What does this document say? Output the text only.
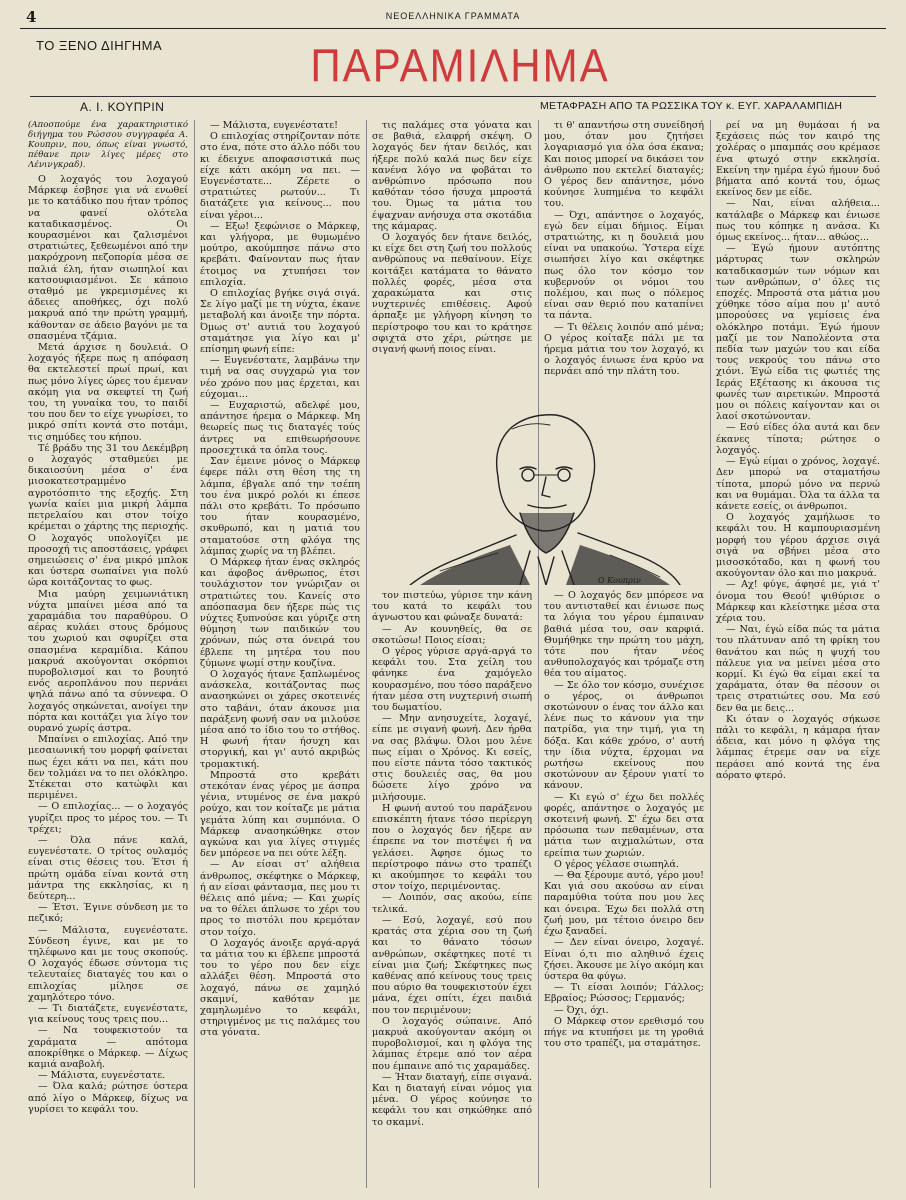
4	ΝΕΟΕΛΛΗΝΙΚΑ ΓΡΑΜΜΑΤΑ
ΤΟ ΞΕΝΟ ΔΙΗΓΗΜΑ	ΠΑΡΑΜΙΛΗΜΑ
Α. Ι. ΚΟΥΠΡΙΝ	ΜΕΤΑΦΡΑΣΗ ΑΠΟ ΤΑ ΡΩΣΣΙΚΑ ΤΟΥ κ. ΕΥΓ. ΧΑΡΑΛΑΜΠΙΔΗ

(Αποσπούμε ένα χαρακτηριστικό διήγημα του Ρώσσου συγγραφέα Α. Κουπριν, που, όπως είναι γνωστό, πέθανε πριν λίγες μέρες στο Λένινγκραδ).

Ο λοχαγός του λοχαγού Μάρκεφ έσβησε για νά ενωθεί με το κατάδικο που ήταν τρόπος να φανεί ολότελα καταδικασμένος. Οι κουρασμένοι και ζαλισμένοι στρατιώτες, ξεθεωμένοι από την μακρόχρονη πεζοπορία μέσα σε παλιά έλη, ήταν σιωπηλοί και κατσουφιασμένοι. Σε κάποιο σταθμό με γκρεμισμένες κι άδειες αποθήκες, όχι πολύ μακρυά από την πρώτη γραμμή, κάθονταν σε άδειο βαγόνι με τα σπασμένα τζάμια.

Μετά άρχισε η δουλειά. Ο λοχαγός ήξερε πως η απόφαση θα εκτελεστεί πρωί πρωί, και πως μόνο λίγες ώρες του έμεναν ακόμη για να σκεφτεί τη ζωή του, τη γυναίκα του, το παιδί του που δεν το είχε γνωρίσει, το μικρό σπίτι κοντά στο ποτάμι, τις σημύδες του κήπου.

Τέ βράδυ της 31 του Δεκέμβρη ο λοχαγός σταθμεύει με δικαιοσύνη μέσα σ' ένα μισοκατεστραμμένο αγροτόσπιτο της εξοχής. Στη γωνία καίει μια μικρή λάμπα πετρελαίου και στον τοίχο κρέμεται ο χάρτης της περιοχής. Ο λοχαγός υπολογίζει με προσοχή τις αποστάσεις, γράφει σημειώσεις σ' ένα μικρό μπλοκ και ύστερα σωπαίνει για πολύ ώρα κοιτάζοντας το φως.

Μια μαύρη χειμωνιάτικη νύχτα μπαίνει μέσα από τα χαραμάδια του παραθύρου. Ο αέρας κυλάει στους δρόμους του χωριού και σφυρίζει στα σπασμένα κεραμίδια. Κάπου μακρυά ακούγονται σκόρπιοι πυροβολισμοί και το βουητό ενός αεροπλάνου που περνάει ψηλά πάνω από τα σύννεφα. Ο λοχαγός σηκώνεται, ανοίγει την πόρτα και κοιτάζει για λίγο τον ουρανό χωρίς άστρα.

Μπαίνει ο επιλοχίας. Από την μεσαιωνική του μορφή φαίνεται πως έχει κάτι να πει, κάτι που δεν τολμάει να το πει ολόκληρο. Στέκεται στο κατώφλι και περιμένει.

— Ο επιλοχίας... — ο λοχαγός γυρίζει προς το μέρος του. — Τι τρέχει;

— Όλα πάνε καλά, ευγενέστατε. Ο τρίτος ουλαμός είναι στις θέσεις του. Έτσι ή πρώτη ομάδα είναι κοντά στη μάντρα της εκκλησίας, κι η δεύτερη...

— Έτσι. Έγινε σύνδεση με το πεζικό;

— Μάλιστα, ευγενέστατε. Σύνδεση έγινε, και με το τηλέφωνο και με τους σκοπούς. Ο λοχαγός έδωσε σύντομα τις τελευταίες διαταγές του και ο επιλοχίας μίλησε σε χαμηλότερο τόνο.

— Τι διατάζετε, ευγενέστατε, για κείνους τους τρεις που...

— Να τουφεκιστούν τα χαράματα — απότομα αποκρίθηκε ο Μάρκεφ. — Δίχως καμιά αναβολή.

— Μάλιστα, ευγενέστατε.

— Όλα καλά; ρώτησε ύστερα από λίγο ο Μάρκεφ, δίχως να γυρίσει το κεφάλι του.

— Μάλιστα, ευγενέστατε!

Ο επιλοχίας στηρίζονταν πότε στο ένα, πότε στο άλλο πόδι του κι έδειχνε αποφασιστικά πως είχε κάτι ακόμη να πει. — Ευγενέστατε... Ζέρετε ο στρατιώτες ρωτούν... Τι διατάζετε για κείνους... που είναι γέροι...

— Εξω! ξεφώνισε ο Μάρκεφ, και γλήγορα, με θυμωμένο μούτρο, ακούμπησε πάνω στο κρεβάτι. Φαίνονταν πως ήταν έτοιμος να χτυπήσει τον επιλοχία.

Ο επιλοχίας βγήκε σιγά σιγά. Σε λίγο μαζί με τη νύχτα, έκανε μεταβολή και άνοιξε την πόρτα. Όμως στ' αυτιά του λοχαγού σταμάτησε για λίγο και μ' επίσημη φωνή είπε:

— Ευγενέστατε, λαμβάνω την τιμή να σας συγχαρώ για τον νέο χρόνο που μας έρχεται, και εύχομαι...

— Ευχαριστώ, αδελφέ μου, απάντησε ήρεμα ο Μάρκεφ. Μη θεωρείς πως τις διαταγές τούς άντρες να επιθεωρήσουνε προσεχτικά τα όπλα τους.

Σαν έμεινε μόνος ο Μάρκεφ έφερε πάλι στη θέση της τη λάμπα, έβγαλε από την τσέπη του ένα μικρό ρολόι κι έπεσε πάλι στο κρεβάτι. Το πρόσωπο του ήταν κουρασμένο, σκυθρωπό, και η ματιά του σταματούσε στη φλόγα της λάμπας χωρίς να τη βλέπει.

Ο Μάρκεφ ήταν ένας σκληρός και άφοβος άνθρωπος, έτσι τουλάχιστον τον γνώριζαν οι στρατιώτες του. Κανείς στο απόσπασμα δεν ήξερε πώς τις νύχτες ξυπνούσε και γύριζε στη θύμηση των παιδικών του χρόνων, πώς στα όνειρά του έβλεπε τη μητέρα του που ζύμωνε ψωμί στην κουζίνα.

Ο λοχαγός ήτανε ξαπλωμένος ανάσκελα, κοιτάζοντας πως ανασηκώνει οι χάρες σκοτεινές στο ταβάνι, όταν άκουσε μια παράξενη φωνή σαν να μιλούσε μέσα από το ίδιο του το στήθος. Η φωνή ήταν ήσυχη και στοργική, και γι' αυτό ακριβώς τρομακτική.

Μπροστά στο κρεβάτι στεκόταν ένας γέρος με άσπρα γένια, ντυμένος σε ένα μακρύ ρούχο, και τον κοίταζε με μάτια γεμάτα λύπη και συμπόνια. Ο Μάρκεφ ανασηκώθηκε στον αγκώνα και για λίγες στιγμές δεν μπόρεσε να πει ούτε λέξη.

— Αν είσαι στ' αλήθεια άνθρωπος, σκέφτηκε ο Μάρκεφ, ή αν είσαι φάντασμα, πες μου τι θέλεις από μένα; — Και χωρίς να το θέλει άπλωσε το χέρι του προς το πιστόλι που κρεμόταν στον τοίχο.

Ο λοχαγός άνοιξε αργά-αργά τα μάτια του κι έβλεπε μπροστά του το γέρο που δεν είχε αλλάξει θέση. Μπροστά στο λοχαγό, πάνω σε χαμηλό σκαμνί, καθόταν με χαμηλωμένο το κεφάλι, στηριγμένος με τις παλάμες του στα γόνατα.

τις παλάμες στα γόνατα και σε βαθιά, ελαφρή σκέψη. Ο λοχαγός δεν ήταν δειλός, και ήξερε πολύ καλά πως δεν είχε κανένα λόγο να φοβάται το ανθρώπινο πρόσωπο που καθόταν τόσο ήσυχα μπροστά του. Όμως τα μάτια του έψαχναν ανήσυχα στα σκοτάδια της κάμαρας.

Ο λοχαγός δεν ήτανε δειλός, κι είχε δει στη ζωή του πολλούς ανθρώπους να πεθαίνουν. Είχε κοιτάξει κατάματα το θάνατο πολλές φορές, μέσα στα χαρακώματα και στις νυχτερινές επιθέσεις. Αφού άρπαξε με γλήγορη κίνηση το περίστροφο του και το κράτησε σφιχτά στο χέρι, ρώτησε με σιγανή φωνή ποιος είναι.

τι θ' απαντήσω στη συνείδησή μου, όταν μου ζητήσει λογαριασμό για όλα όσα έκανα; Και ποιος μπορεί να δικάσει τον άνθρωπο που εκτελεί διαταγές; Ο γέρος δεν απάντησε, μόνο κούνησε λυπημένα το κεφάλι του.

— Όχι, απάντησε ο λοχαγός, εγώ δεν είμαι δήμιος. Είμαι στρατιώτης, κι η δουλειά μου είναι να υπακούω. Ύστερα είχε σιωπήσει λίγο και σκέφτηκε πως όλο τον κόσμο τον κυβερνούν οι νόμοι του πολέμου, και πως ο πόλεμος είναι σαν θεριό που καταπίνει τα πάντα.

— Τι θέλεις λοιπόν από μένα; Ο γέρος κοίταξε πάλι με τα ήρεμα μάτια του τον λοχαγό, κι ο λοχαγός ένιωσε ένα κρύο να περνάει από την πλάτη του.

Ο Κουπριν

τον πιστεύω, γύρισε την κάνη του κατά το κεφάλι του άγνωστου και φώναξε δυνατά:

— Αν κουνηθείς, θα σε σκοτώσω! Ποιος είσαι;

Ο γέρος γύρισε αργά-αργά το κεφάλι του. Στα χείλη του φάνηκε ένα χαμόγελο κουρασμένο, που τόσο παράξενο ήταν μέσα στη νυχτερινή σιωπή του δωματίου.

— Μην ανησυχείτε, λοχαγέ, είπε με σιγανή φωνή. Δεν ήρθα να σας βλάψω. Όλοι μου λένε πως είμαι ο Χρόνος. Κι εσείς, που είστε πάντα τόσο τακτικός στις δουλειές σας, θα μου δώσετε λίγο χρόνο να μιλήσουμε.

Η φωνή αυτού του παράξενου επισκέπτη ήτανε τόσο περίεργη που ο λοχαγός δεν ήξερε αν έπρεπε να τον πιστέψει ή να γελάσει. Άφησε όμως το περίστροφο πάνω στο τραπέζι κι ακούμπησε το κεφάλι του στον τοίχο, περιμένοντας.

— Λοιπόν, σας ακούω, είπε τελικά.

— Εσύ, λοχαγέ, εσύ που κρατάς στα χέρια σου τη ζωή και το θάνατο τόσων ανθρώπων, σκέφτηκες ποτέ τι είναι μια ζωή; Σκέφτηκες πως καθένας από κείνους τους τρεις που αύριο θα τουφεκιστούν έχει μάνα, έχει σπίτι, έχει παιδιά που τον περιμένουν;

Ο λοχαγός σώπαινε. Από μακρυά ακούγονταν ακόμη οι πυροβολισμοί, και η φλόγα της λάμπας έτρεμε από τον αέρα που έμπαινε από τις χαραμάδες.

— Ήταν διαταγή, είπε σιγανά. Και η διαταγή είναι νόμος για μένα. Ο γέρος κούνησε το κεφάλι του και σηκώθηκε από το σκαμνί.

— Ο λοχαγός δεν μπόρεσε να του αντισταθεί και ένιωσε πως τα λόγια του γέρου έμπαιναν βαθιά μέσα του, σαν καρφιά. Θυμήθηκε την πρώτη του μάχη, τότε που ήταν νέος ανθυπολοχαγός και τρόμαζε στη θέα του αίματος.

— Σε όλο τον κόσμο, συνέχισε ο γέρος, οι άνθρωποι σκοτώνουν ο ένας τον άλλο και λένε πως το κάνουν για την πατρίδα, για την τιμή, για τη δόξα. Και κάθε χρόνο, σ' αυτή την ίδια νύχτα, έρχομαι να ρωτήσω εκείνους που σκοτώνουν αν ξέρουν γιατί το κάνουν.

— Κι εγώ σ' έχω δει πολλές φορές, απάντησε ο λοχαγός με σκοτεινή φωνή. Σ' έχω δει στα πρόσωπα των πεθαμένων, στα μάτια των αιχμαλώτων, στα ερείπια των χωριών.

Ο γέρος γέλασε σιωπηλά.

— Θα ξέρουμε αυτό, γέρο μου! Και γιά σου ακούσω αν είναι παραμύθια τούτα που μου λες και όνειρα. Έχω δει πολλά στη ζωή μου, μα τέτοιο όνειρο δεν έχω ξαναδεί.

— Δεν είναι όνειρο, λοχαγέ. Είναι ό,τι πιο αληθινό έχεις ζήσει. Άκουσε με λίγο ακόμη και ύστερα θα φύγω.

— Τι είσαι λοιπόν; Γάλλος; Εβραίος; Ρώσσος; Γερμανός;

— Όχι, όχι.

Ο Μάρκεφ στον ερεθισμό του πήγε να κτυπήσει με τη γροθιά του στο τραπέζι, μα σταμάτησε.

ρεί να μη θυμάσαι ή να ξεχάσεις πώς τον καιρό της χολέρας ο μπαμπάς σου κρέμασε ένα φτωχό στην εκκλησία. Εκείνη την ημέρα έγώ ήμουν δυό βήματα από κοντά του, όμως εκείνος δεν με είδε.

— Ναι, είναι αλήθεια... κατάλαβε ο Μάρκεφ και ένιωσε πως του κόπηκε η ανάσα. Κι όμως εκείνος... ήταν... αθώος...

— Έγώ ήμουν αυτόπτης μάρτυρας των σκληρών καταδικασμών των νόμων και των ανθρώπων, σ' όλες τις εποχές. Μπροστά στα μάτια μου χύθηκε τόσο αίμα που μ' αυτό μπορούσες να γεμίσεις ένα ολόκληρο ποτάμι. Έγώ ήμουν μαζί με τον Ναπολέοντα στα πεδία των μαχών του και είδα τους νεκρούς του πάνω στο χιόνι. Έγώ είδα τις φωτιές της Ιεράς Εξέτασης κι άκουσα τις φωνές των αιρετικών. Μπροστά μου οι πόλεις καίγονταν και οι λαοί σκοτώνονταν.

— Εσύ είδες όλα αυτά και δεν έκανες τίποτα; ρώτησε ο λοχαγός.

— Εγώ είμαι ο χρόνος, λοχαγέ. Δεν μπορώ να σταματήσω τίποτα, μπορώ μόνο να περνώ και να θυμάμαι. Όλα τα άλλα τα κάνετε εσείς, οι άνθρωποι.

Ο λοχαγός χαμήλωσε το κεφάλι του. Η καμπουριασμένη μορφή του γέρου άρχισε σιγά σιγά να σβήνει μέσα στο μισοσκόταδο, και η φωνή του ακούγονταν όλο και πιο μακρυά.

— Αχ! φύγε, άφησέ με, γιά τ' όνομα του Θεού! ψιθύρισε ο Μάρκεφ και κλείστηκε μέσα στα χέρια του.

— Ναι, έγώ είδα πώς τα μάτια του πλάτυναν από τη φρίκη του θανάτου και πώς η ψυχή του πάλευε για να μείνει μέσα στο κορμί. Κι έγώ θα είμαι εκεί τα χαράματα, όταν θα πέσουν οι τρεις στρατιώτες σου. Μα εσύ δεν θα με δεις...

Κι όταν ο λοχαγός σήκωσε πάλι το κεφάλι, η κάμαρα ήταν άδεια, και μόνο η φλόγα της λάμπας έτρεμε σαν να είχε περάσει από κοντά της ένα αόρατο φτερό.
